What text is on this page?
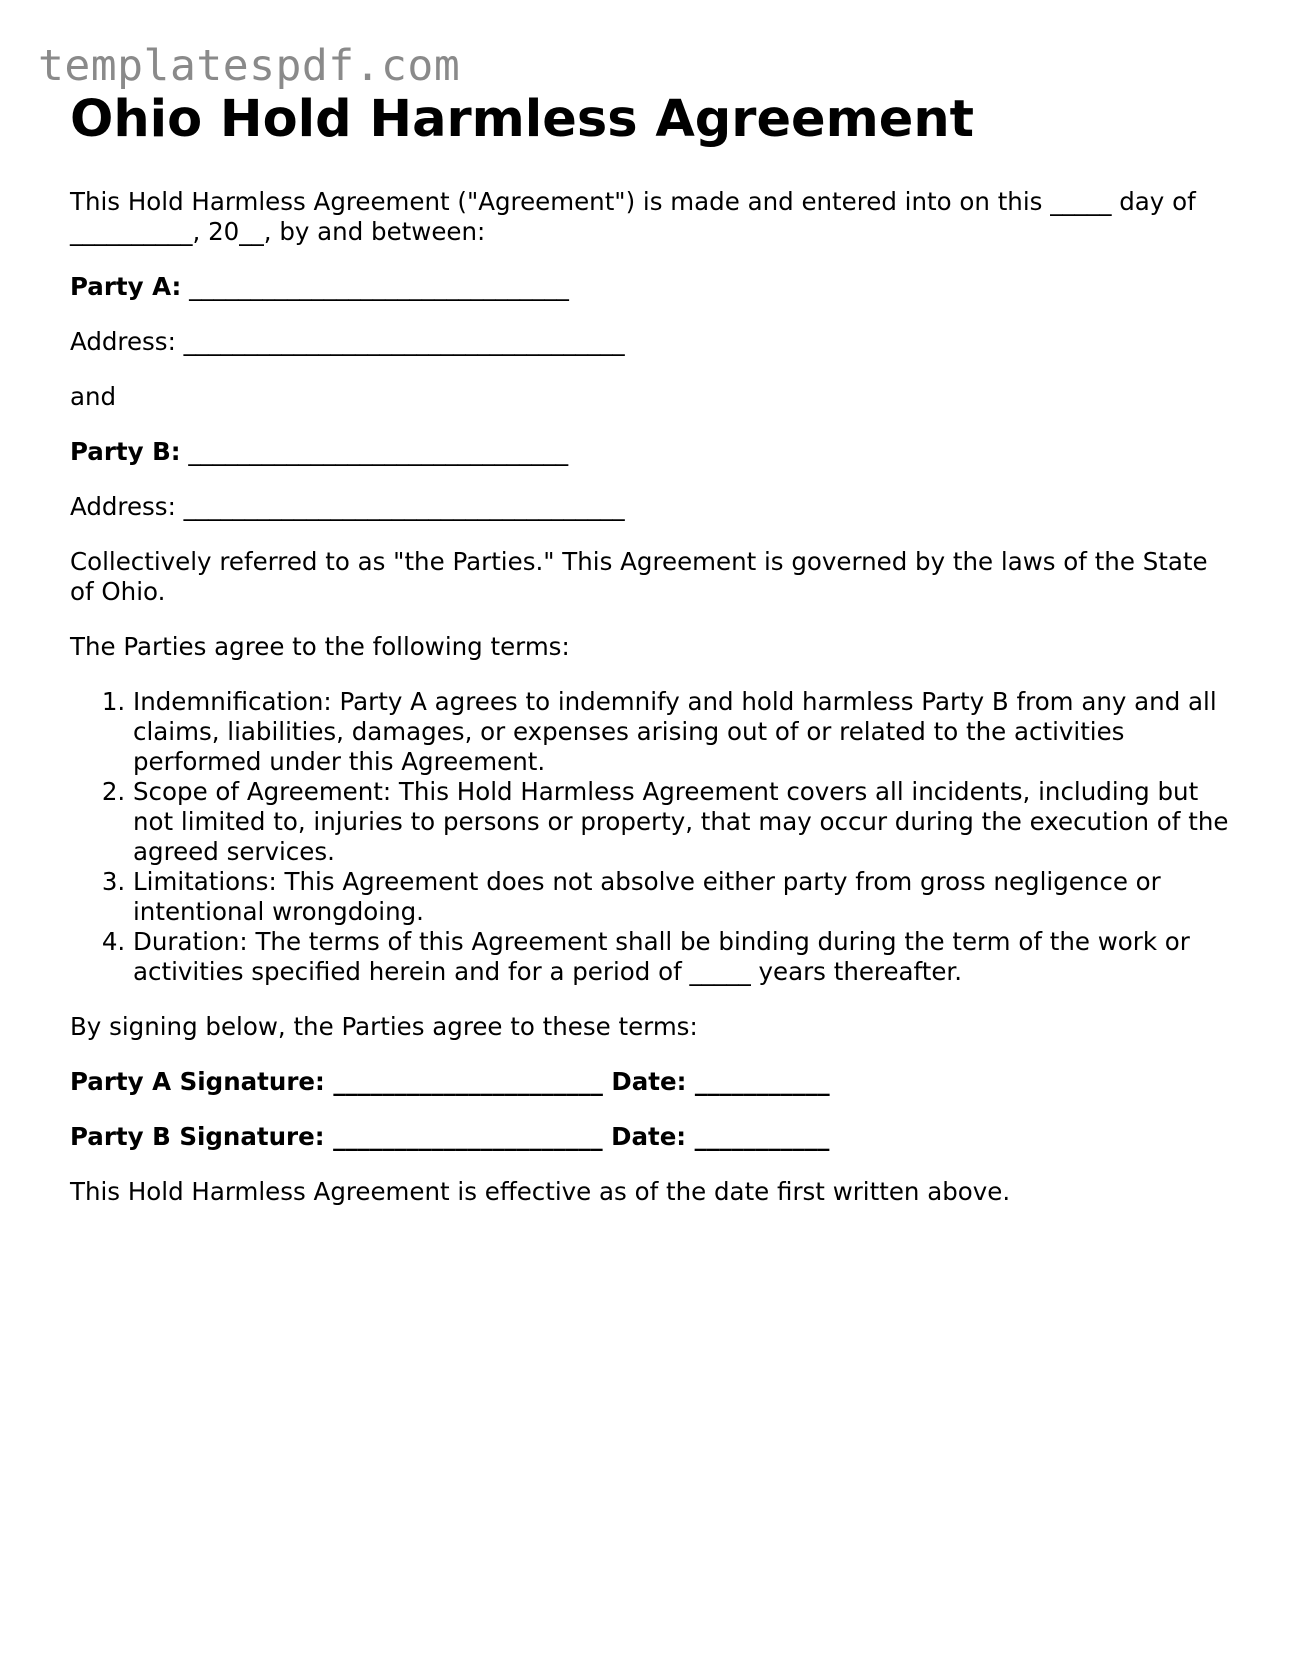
templatespdf.com
Ohio Hold Harmless Agreement

This Hold Harmless Agreement ("Agreement") is made and entered into on this _____ day of __________, 20__, by and between:

Party A: _______________________________

Address: ____________________________________

and

Party B: _______________________________

Address: ____________________________________

Collectively referred to as "the Parties." This Agreement is governed by the laws of the State of Ohio.

The Parties agree to the following terms:

1. Indemnification: Party A agrees to indemnify and hold harmless Party B from any and all claims, liabilities, damages, or expenses arising out of or related to the activities performed under this Agreement.
2. Scope of Agreement: This Hold Harmless Agreement covers all incidents, including but not limited to, injuries to persons or property, that may occur during the execution of the agreed services.
3. Limitations: This Agreement does not absolve either party from gross negligence or intentional wrongdoing.
4. Duration: The terms of this Agreement shall be binding during the term of the work or activities specified herein and for a period of _____ years thereafter.

By signing below, the Parties agree to these terms:

Party A Signature: ______________________ Date: ___________

Party B Signature: ______________________ Date: ___________

This Hold Harmless Agreement is effective as of the date first written above.
